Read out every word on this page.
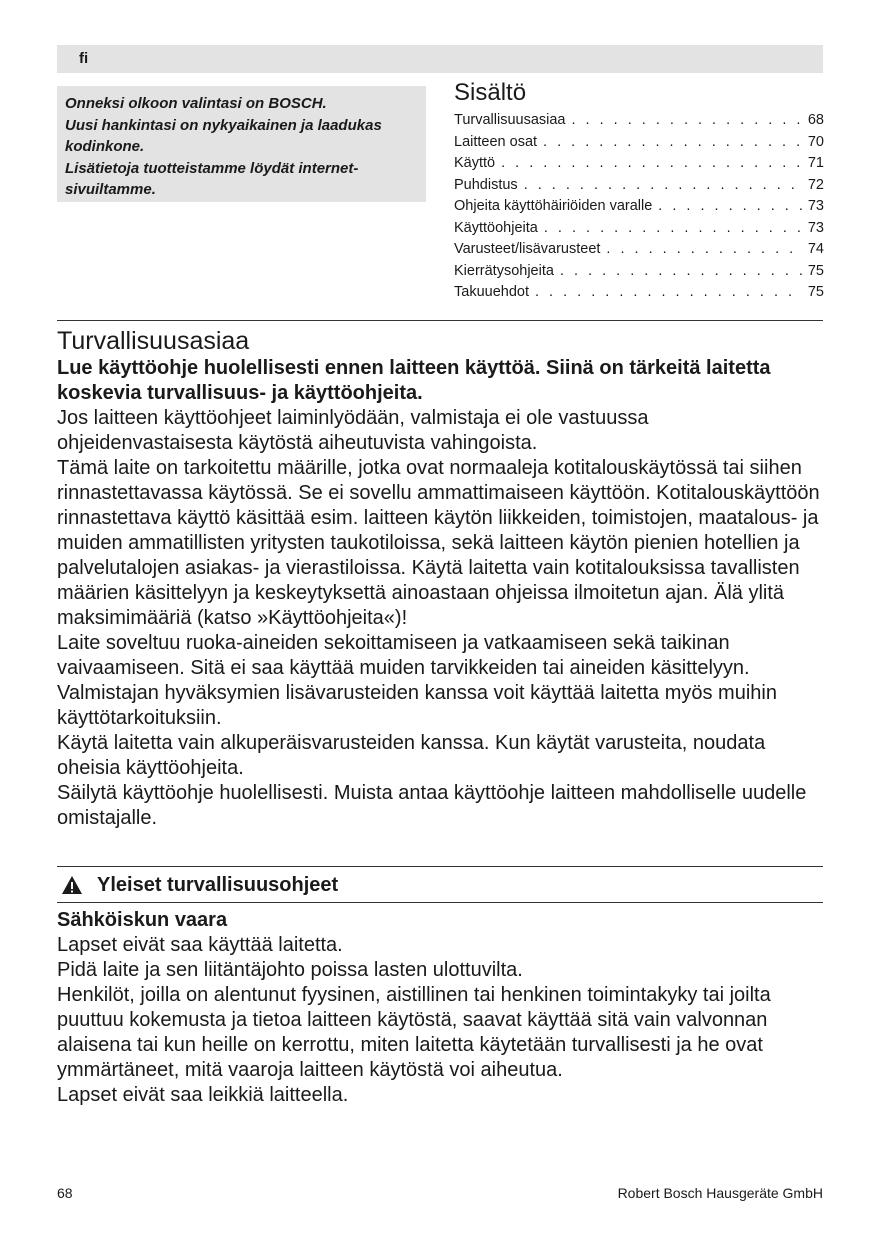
fi

Onneksi olkoon valintasi on BOSCH.

Uusi hankintasi on nykyaikainen ja laadukas kodinkone.

Lisätietoja tuotteistamme löydät internet-sivuiltamme.

Sisältö
Turvallisuusasiaa . . .	68
Laitteen osat . . .	70
Käyttö . . .	71
Puhdistus . . .	72
Ohjeita käyttöhäiriöiden varalle . . .	73
Käyttöohjeita . . .	73
Varusteet/lisävarusteet . . .	74
Kierrätysohjeita . . .	75
Takuuehdot . . .	75
Turvallisuusasiaa

Lue käyttöohje huolellisesti ennen laitteen käyttöä. Siinä on tärkeitä laitetta koskevia turvallisuus- ja käyttöohjeita.

Jos laitteen käyttöohjeet laiminlyödään, valmistaja ei ole vastuussa ohjeidenvastaisesta käytöstä aiheutuvista vahingoista.

Tämä laite on tarkoitettu määrille, jotka ovat normaaleja kotitalouskäytössä tai siihen rinnastettavassa käytössä. Se ei sovellu ammattimaiseen käyttöön. Kotitalouskäyttöön rinnastettava käyttö käsittää esim. laitteen käytön liikkeiden, toimistojen, maatalous- ja muiden ammatillisten yritysten taukotiloissa, sekä laitteen käytön pienien hotellien ja palvelutalojen asiakas- ja vierastiloissa. Käytä laitetta vain kotitalouksissa tavallisten määrien käsittelyyn ja keskeytyksettä ainoastaan ohjeissa ilmoitetun ajan. Älä ylitä maksimimääriä (katso »Käyttöohjeita«)!

Laite soveltuu ruoka-aineiden sekoittamiseen ja vatkaamiseen sekä taikinan vaivaamiseen. Sitä ei saa käyttää muiden tarvikkeiden tai aineiden käsittelyyn. Valmistajan hyväksymien lisävarusteiden kanssa voit käyttää laitetta myös muihin käyttötarkoituksiin.

Käytä laitetta vain alkuperäisvarusteiden kanssa. Kun käytät varusteita, noudata oheisia käyttöohjeita.

Säilytä käyttöohje huolellisesti. Muista antaa käyttöohje laitteen mahdolliselle uudelle omistajalle.

Yleiset turvallisuusohjeet
Sähköiskun vaara

Lapset eivät saa käyttää laitetta.

Pidä laite ja sen liitäntäjohto poissa lasten ulottuvilta.

Henkilöt, joilla on alentunut fyysinen, aistillinen tai henkinen toimintakyky tai joilta puuttuu kokemusta ja tietoa laitteen käytöstä, saavat käyttää sitä vain valvonnan alaisena tai kun heille on kerrottu, miten laitetta käytetään turvallisesti ja he ovat ymmärtäneet, mitä vaaroja laitteen käytöstä voi aiheutua.

Lapset eivät saa leikkiä laitteella.

68	Robert Bosch Hausgeräte GmbH
